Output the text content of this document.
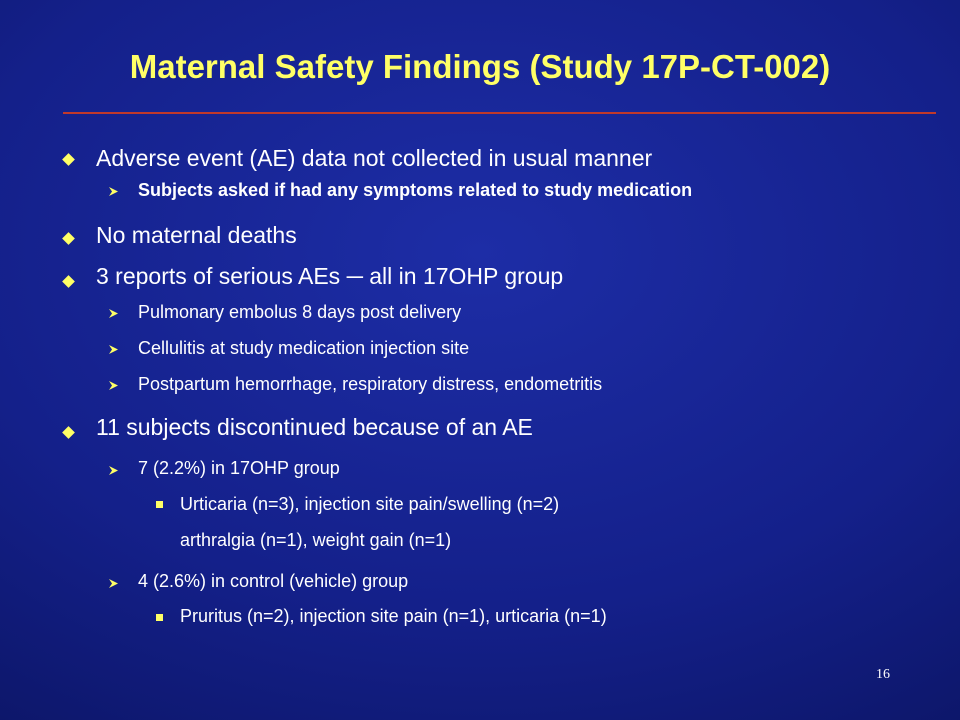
Maternal Safety Findings (Study 17P-CT-002)
Adverse event (AE) data not collected in usual manner
Subjects asked if had any symptoms related to study medication
No maternal deaths
3 reports of serious AEs ─ all in 17OHP group
Pulmonary embolus 8 days post delivery
Cellulitis at study medication injection site
Postpartum hemorrhage, respiratory distress, endometritis
11 subjects discontinued because of an AE
7 (2.2%) in 17OHP group
Urticaria (n=3), injection site pain/swelling (n=2)
arthralgia (n=1), weight gain (n=1)
4 (2.6%) in control (vehicle) group
Pruritus (n=2), injection site pain (n=1), urticaria (n=1)
16
